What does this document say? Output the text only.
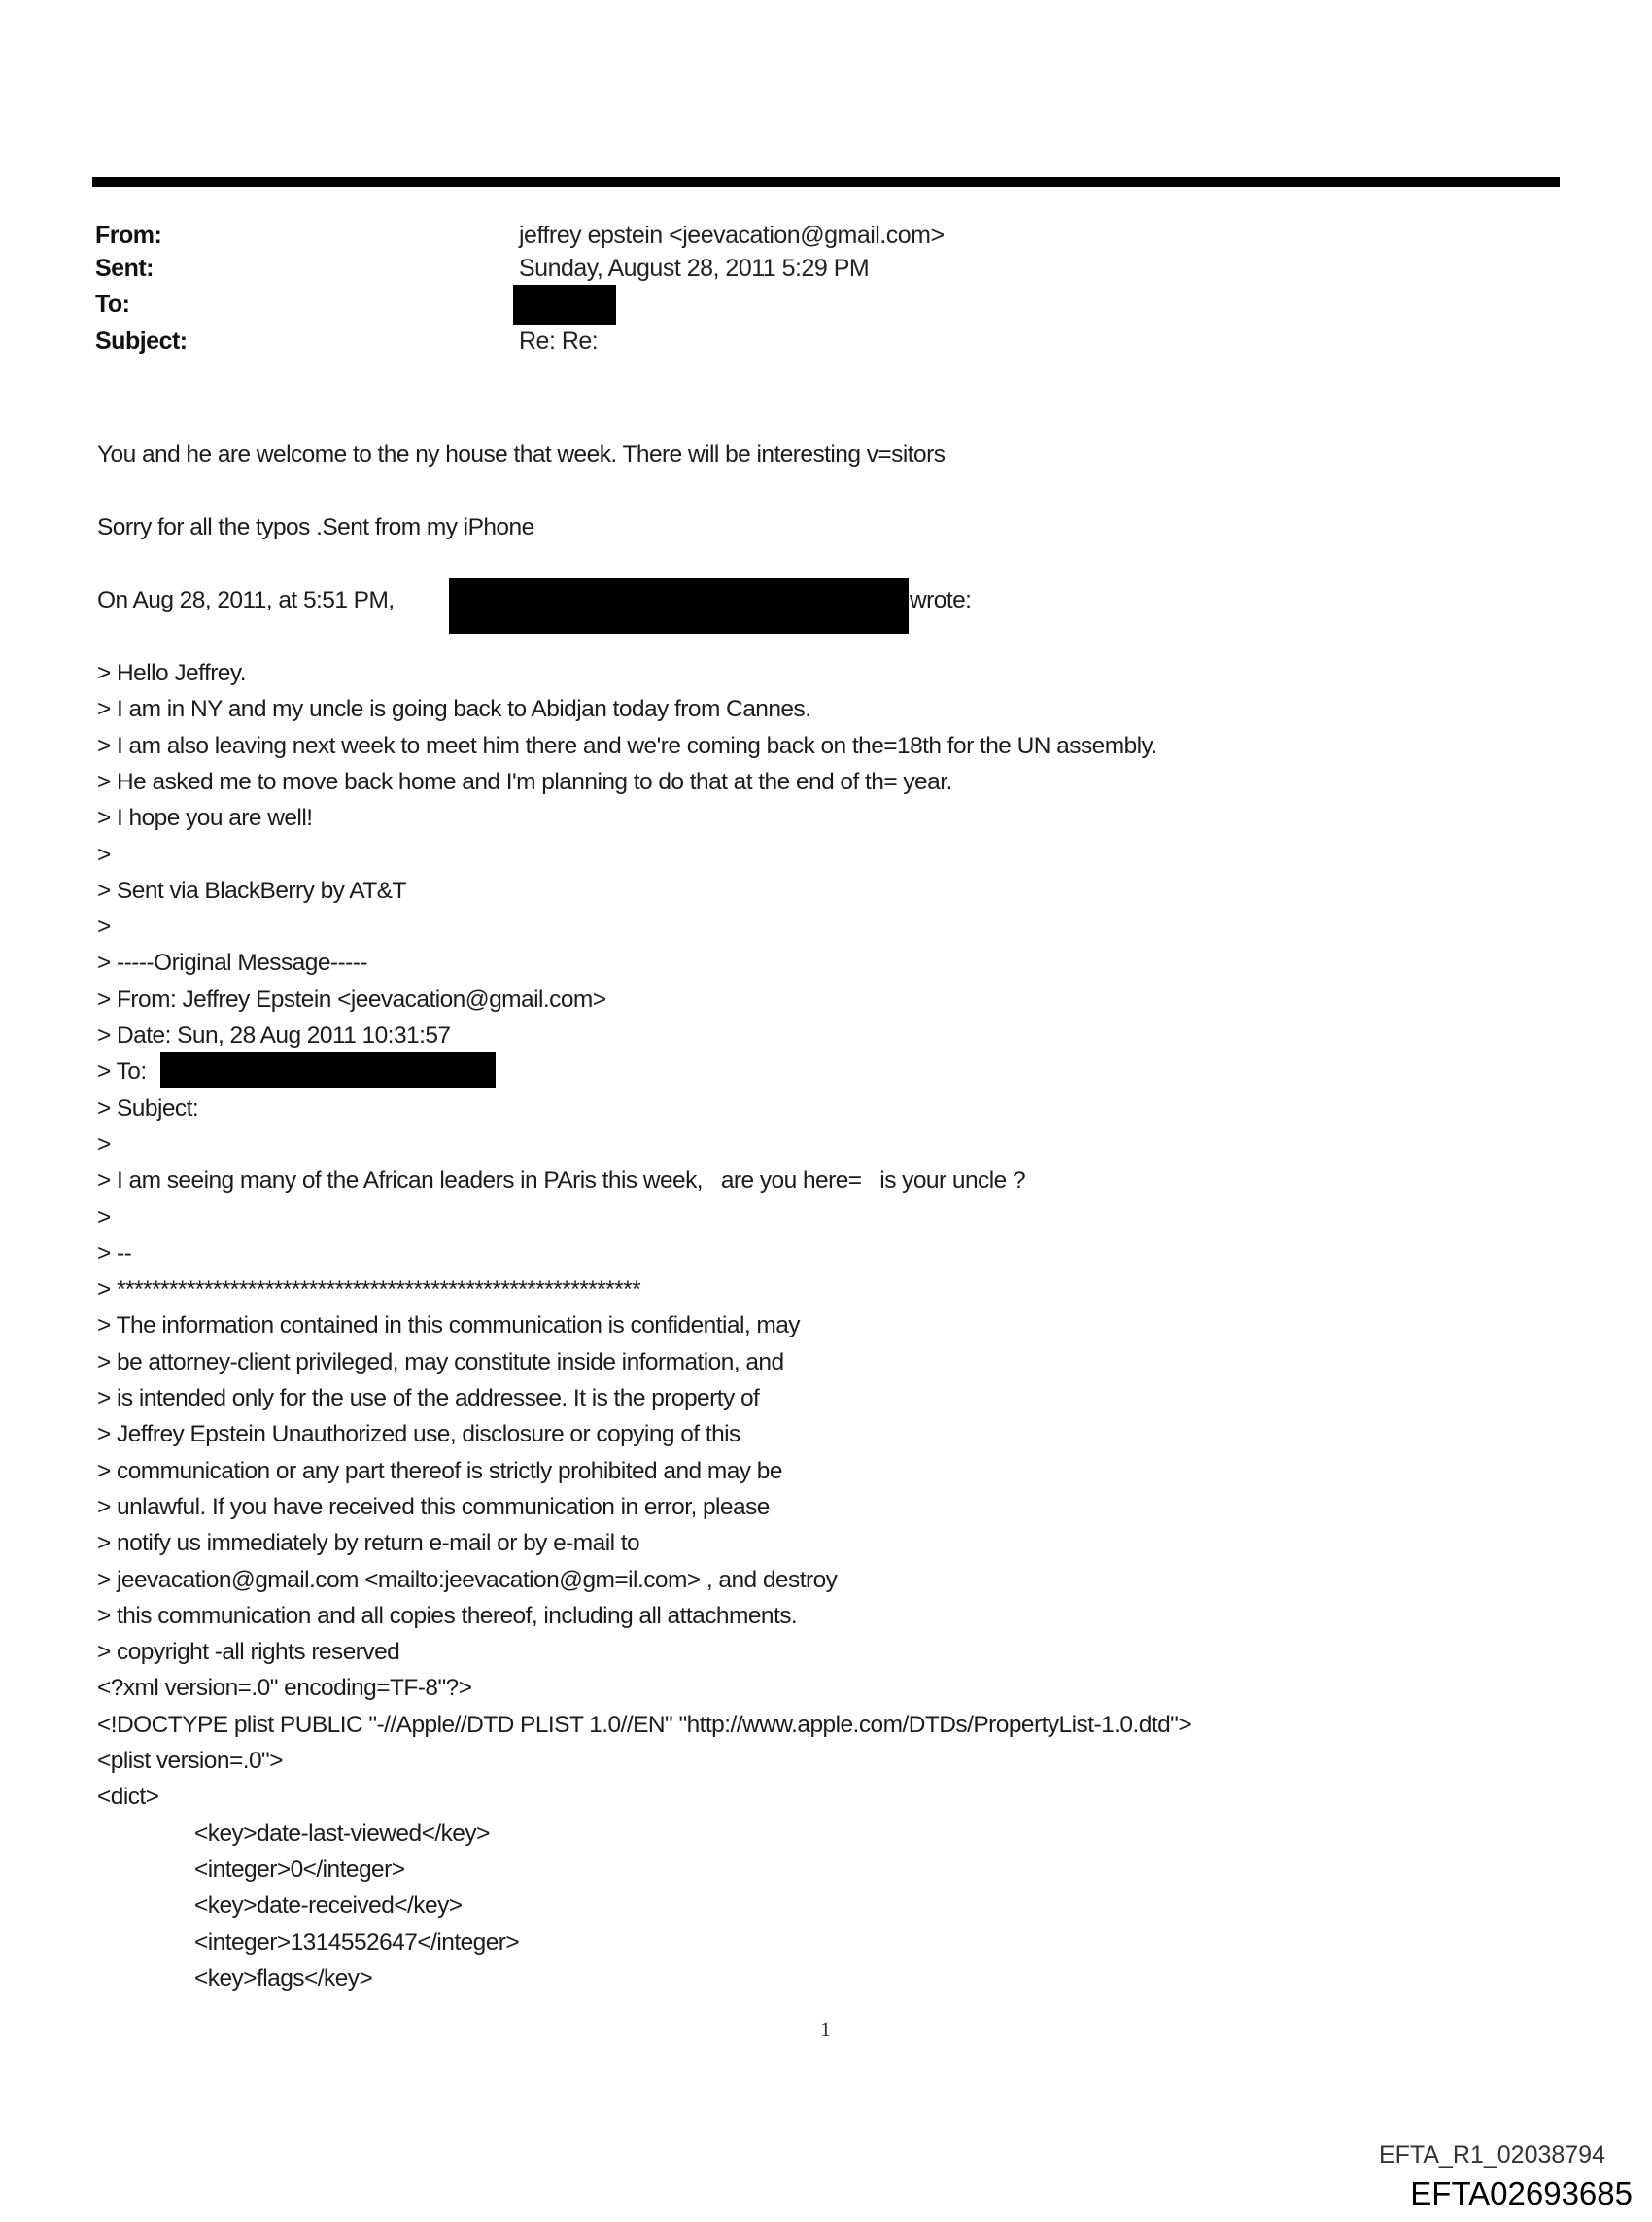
From:	jeffrey epstein <jeevacation@gmail.com>
Sent:	Sunday, August 28, 2011 5:29 PM
To:
Subject:	Re: Re:
You and he are welcome to the ny house that week. There will be interesting v=sitors
Sorry for all the typos .Sent from my iPhone
On Aug 28, 2011, at 5:51 PM,	wrote:
> Hello Jeffrey.
> I am in NY and my uncle is going back to Abidjan today from Cannes.
> I am also leaving next week to meet him there and we're coming back on the=18th for the UN assembly.
> He asked me to move back home and I'm planning to do that at the end of th= year.
> I hope you are well!
>
> Sent via BlackBerry by AT&T
>
> -----Original Message-----
> From: Jeffrey Epstein <jeevacation@gmail.com>
> Date: Sun, 28 Aug 2011 10:31:57
> To:
> Subject:
>
> I am seeing many of the African leaders in PAris this week,   are you here=   is your uncle ?
>
> --
> ************************************************************
> The information contained in this communication is confidential, may
> be attorney-client privileged, may constitute inside information, and
> is intended only for the use of the addressee. It is the property of
> Jeffrey Epstein Unauthorized use, disclosure or copying of this
> communication or any part thereof is strictly prohibited and may be
> unlawful. If you have received this communication in error, please
> notify us immediately by return e-mail or by e-mail to
> jeevacation@gmail.com <mailto:jeevacation@gm=il.com> , and destroy
> this communication and all copies thereof, including all attachments.
> copyright -all rights reserved
<?xml version=.0" encoding=TF-8"?>
<!DOCTYPE plist PUBLIC "-//Apple//DTD PLIST 1.0//EN" "http://www.apple.com/DTDs/PropertyList-1.0.dtd">
<plist version=.0">
<dict>
<key>date-last-viewed</key>
<integer>0</integer>
<key>date-received</key>
<integer>1314552647</integer>
<key>flags</key>
1
EFTA_R1_02038794
EFTA02693685
